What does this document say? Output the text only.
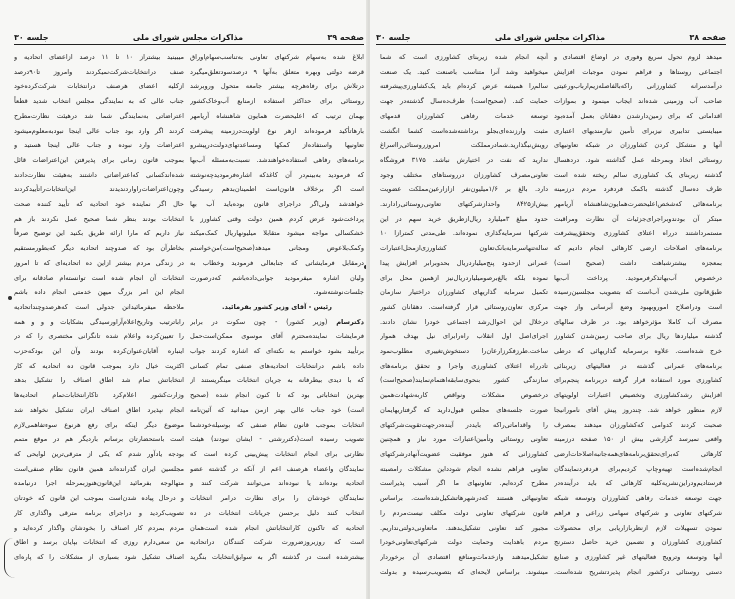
صفحه ۳۹
مذاکرات مجلس شورای ملی
جلسه ۳۰
ابلاغ شده به‌سهام شرکتهای تعاونی به‌تناسب‌سهام‌اوراق
قرضه دولتی وبهره متعلق به‌آنها ۹ درصدسودتعلق‌میگیرد
درتلاش برای رفاه‌هرچه بیشتر جامعه متحول وروبرشد
روستائی برای حداکثر استفاده ازمنابع آب‌وخاک‌کشور
بهمان ترتیب که اعلیحضرت همایون شاهنشاه آریامهر
بارهاتأکید فرموده‌اند ازهر نوع اولویت‌درزمینه پیشرفت
تعاونیها واستفاده‌از کمکها ومساعدتهای‌دولت‌درپیشرو
برنامه‌های رفاهی استفاده‌خواهندشد. نسبت‌به‌مسئله آب‌بها
که فرمودید به‌بینم‌در آن کاغذکه اشاره‌فرمودیدچه‌نوشته
است اگر برخلاف قانون‌است اطمینان‌بدهم رسیدگی
خواهدشد ولی‌اگر دراجرای قانون بوده‌باید آب بها
پرداخت‌شود عرض کردم همین دولت وقتی کشاورز با
خشکسالی مواجه میشود متقابلا میلیونهاریال کمک‌میکند
وکمک‌بلاعوض ومجانی میدهد(صحیح‌است)من‌خواستم
درمقابل فرمایشاتی که جنابعالی فرمودید وخطاب به
ولیان اشاره میفرمودید جوابی‌داده‌باشم که‌درصورت
جلسات‌نوشته‌شود.
رئیس - آقای وزیر کشور بفرمائید.
دکترسام (وزیر کشور) - چون سکوت در برابر
فرمایشات نماینده‌محترم آقای موسوی ممکن‌است‌حمل
برتأیید بشود خواستم به نکته‌ای که اشاره کردند جواب
داده باشم درانتخابات اتحادیه‌های صنفی تمام کسانی
که با دیدی بیطرفانه به جریان انتخابات مینگریستند از
بهترین انتخاباتی بود که تا کنون انجام شده (صحیح
است) خود جناب عالی بهتر ازمن میدانید که آئین‌نامه
انتخابات بموجب قانون نظام صنفی که بوسیله‌خودشما
تصویب رسیده است(دکتررشتی - ایشان نبودند) هیئت
نظارتی برای انجام انتخابات پیش‌بینی کرده است که
نمایندگان واعضاء هرصنف اعم از آنکه در گذشته عضو
اتحادیه بوده‌اند یا نبوده‌اند می‌توانند شرکت کنند و
نمایندگان خودشان را برای نظارت درامر انتخابات
انتخاب کنند دلیل برحسن جریانات انتخابات در ده
اتحادیه که تاکنون کارانتخاباتش انجام شده است‌همان
است که روزبروزضرورت شرکت کنندگان دراتحادیه
بیشترشده است در گذشته اگر به سوابق‌انتخابات بنگرید
میبینید بیشتراز ۱۰ تا ۱۱ درصد ازاعضای اتحادیه و
صنف درانتخابات‌شرکت‌نمیکردند وامروز تا۹۰درصد
ازکلیه اعضای هرصنف درانتخابات شرکت‌کرده‌خود
جناب عالی که به نمایندگی مجلس انتخاب شدید قطعاً
اعتراضاتی به‌نمایندگی شما شد درهیئت نظارت‌مطرح
کردند اگر وارد بود جناب عالی اینجا نبودبه‌معلوم‌میشود
اعتراضات وارد نبوده و جناب عالی اینجا هستید و
بموجب قانون زمانی برای پذیرفتن این‌اعتراضات قائل
شده‌اندکسانی که‌اعتراضاتی داشتند به‌هیئت نظارت‌دادند
وچون‌اعتراضات‌راواردندیدند این‌انتخابات‌راتأییدکردند
حال اگر نماینده خود اتحادیه که تأیید کننده صحت
انتخابات بودند بنظر شما صحیح عمل نکردند باز هم
نیاز داریم که مارا ارائه طریق بکنید این توضیح صرفاً
بخاطرآن بود که صدوچند اتحادیه دیگر که‌بطورمستقیم
در زندگی مردم بیشتر ازاین ده اتحادیه‌ای که تا امروز
انتخابات آن انجام شده است توانسته‌ام صادقانه برای
انجام این امر بزرگ میهن خدمتی انجام داده باشم
ملاحظه میفرمائیدانن جدولی است که‌هرصدوچنداتحادیه
راباترتیب وتاریخ‌اعلام‌آراورسیدگی بشکایات و و و همه
را تعیین‌کرده واعلام شده تانگرانی مختصری را که در
اینباره آقایان‌عنوان‌کرده بودند وآن این بودکه‌حزب
اکثریت خیال دارد بموجب قانون ده اتحادیه که کار
انتخاباتش تمام شد اطاق اصناف را تشکیل بدهد
وزارت‌کشور اعلام‌کرد تاکارانتخابات‌تمام اتحادیه‌ها
انجام نپذیرد اطاق اصناف ایران تشکیل نخواهد شد
موضوع دیگر اینکه برای رفع هرنوع سوءتفاهمی‌لازم
است باستحضارتان برسانم باردیگر هم در موقع متمم
بودجه یادآور شدم که یکی از مترقی‌ترین لوایحی که
مجلسین ایران گذرانده‌اند همین قانون نظام صنفی‌است
متهالوجه بفرمائید این‌قانون‌هنوزبمرحله اجرا درنیامده
و درحال پیاده شدن‌است بموجب این قانون که خودتان
تصویب‌کردید و دراجرای برنامه مترقی واگذاری کار
مردم بمردم کار اصناف را بخودشان واگذار کرده‌اید و
من سعی‌دارم روزی که انتخابات بپایان برسد و اطاق
اصناف تشکیل شود بسیاری از مشکلات را که پاره‌ای
صفحه ۳۸
مذاکرات مجلس شورای ملی
جلسه ۳۰
میدهد لزوم تحول سریع وفوری در اوضاع اقتصادی و
اجتماعی روستاها و فراهم نمودن موجبات افزایش
درآمدسرانه کشاورزانی راکه‌بالفاصله‌زیم‌ارباب‌ورعیتی
صاحب آب وزمینی شده‌اند ایجاب مینمود و بموازات
اقداماتی که برای زمین‌دارشدن دهقانان بعمل آمده‌بود
میبایستی تدابیری نیزبرای تأمین نیازمندیهای اعتباری
آنها و متشکل کردن کشاورزان در شبکه تعاونیهای
روستائی اتخاذ وبمرحله عمل گذاشته شود. دردهسال
گذشته زیربنای یک کشاورزی سالم ریخته شده است
ظرف ده‌سال گذشته باکمک فردفرد مردم درزمینه
برنامه‌هائی که‌شخص‌اعلیحضرت‌همایون‌شاهنشاه آریامهر
مبتکر آن بودندوبراجرای‌جزئیات آن نظارت ومراقبت
مستمرداشتند درراه اعتلای کشاورزی وتحقق‌پیشرفت
برنامه‌های اصلاحات ارضی کارهائی انجام دادیم که
بمعجزه بیشترشباهت داشت (صحیح است)
درخصوص آب‌بهاتذکرفرمودید. پرداخت آب‌بها
طبق‌قانون ملی‌شدن آب‌است که بتصویب مجلسین‌رسیده
است ودراصلاح اموروبهبود وضع آبرسانی واز جهت
مصرف آب کاملا مؤثرخواهد بود. در ظرف سالهای
گذشته میلیاردها ریال برای صاحب زمین‌شدن کشاورز
خرج شده‌است. علاوه برسرمایه گذاریهائی که درطی
برنامه‌های عمرانی گذشته در فعالیتهای زیربنائی
کشاورزی مورد استفاده قرار گرفته دربرنامه پنجم‌برای
افزایش رشدکشاورزی وتخصیص اعتبارات اولویتهای
لازم منظور خواهد شد. چندروز پیش آقای نامورانیجا
صحبت کردند کدوامی که‌کشاورزان میدهند بمصرف
واقعی نمیرسد گزارشی بیش از ۱۵۰ صفحه درزمینه
کارهائی که‌برای‌تحقق‌برنامه‌های‌همه‌جانبه‌اصلاحات‌ارضی
انجام‌شده‌است تهیه‌وچاپ کردیم‌برای فردفردنمایندگان
فرستادیم‌ودراین‌نشریه‌کلیه کارهائی که باید درآینده‌در
جهت توسعه خدمات رفاهی کشاورزان وتوسعه شبکه
شرکتهای تعاونی و شرکتهای سهامی زراعی و فراهم
نمودن تسهیلات لازم ازنظربازاریابی برای محصولات
کشاورزی کشاورزان و تضمین خرید حاصل دسترنج
آنها وتوسعه وترویج فعالیتهای غیر کشاورزی و صنایع
دستی روستائی درکشور انجام پذیرد‌تشریح شده‌است.
آنچه انجام شده زیربنای کشاورزی است که شما
میخواهید وشد آنرا متناسب باصنعت کنید. یک صنعت
سالم‌را همیشه عرض کرده‌ام باید یک‌کشاورزی‌پیشرفته
حمایت کند. (صحیح‌است) ظرف‌ده‌سال گذشته‌در جهت
توسعه خدمات رفاهی کشاورزان قدمهای
مثبت وارزنده‌ای‌بجلو برداشته‌شده‌است کشما انگشت
رویش‌نبگذارید.شمادرمملکت امروزروستائی‌رااسراغ
ندارید که نفت در اختیارش نباشد. ۳۱۷۵ فروشگاه
تعاونی‌مصرف کشاورزان درروستاهای مختلف وجود
دارد. بالغ بر ۱/۶میلیون‌نفر ازازارعین‌مملکت عضویت
بیش‌از۸۴۲۵ واحدازشرکتهای تعاونی‌روستائی‌را‌دارند.
حدود مبلغ ۳میلیارد ریال‌ازطریق خرید سهم در این
شرکتها سرمایه‌گذاری نموده‌اند. طی‌مدتی کمترازا ۱۰
ساله‌تنهاسرمایه‌بانک‌تعاون کشاورزی‌ازمحل‌اعتبارات
عمرانی ازحدود پنج‌میلیارد‌ریال بحدوبرابر افزایش پیدا
نموده بلکه بالغ‌برصومیلیاردریال‌نیز ازهمین محل برای
تکمیل سرمایه گذاریهای کشاورزان دراختیار سازمان
مرکزی تعاون‌روستائی قرار گرفته‌است. دهقانان کشور
درخلال این احوال‌رشد اجتماعی خودرا نشان دادند.
اجرای‌اصل اول انقلاب راه‌رابرای نیل بهدف هموار
ساخت.طرزفکرزارعان‌را دستخوش‌تغییری مطلوب‌نمود
تادرراه اعتلای کشاورزی واجرا و تحقق برنامه‌های
سازندگی کشور بنحوی‌سابقه‌اهتمام‌نمایند(صحیح‌است)
درخصوص مشکلات ونواقص کاربه‌شهادت‌همین
صورت جلسه‌های مجلس قبول‌دارید که گرفتاریهایمان
را واقداماتی‌راکه بایددر آینده‌درجهت‌تقویت‌شرکتهای
تعاونی روستائی وتأمین‌اعتبارات مورد نیاز و همچنین
کشاورزانی که هنوز موفقیت عضویت‌آنهادرشرکتهای
تعاونی فراهم نشده انجام شودداین مشکلات رامصبته
مطرح کرده‌ایم. تعاونیهای ما اگر آسیب پذیراست
تعاونیهائی هستند که‌درشهرهاتشکیل‌شده‌است. براساس
قانون شرکتهای تعاونی دولت مکلف نیست‌مردم را
مجبور کند تعاونی تشکیل‌بدهند. ماتعاونی‌دولتی‌نداریم.
مردم باهدایت وحمایت دولت شرکتهای‌تعاونی‌خودرا
تشکیل‌میدهند وازخدمات‌ومنافع اقتصادی آن برخوردار
میشوند. براساس لایحه‌ای که بتصویب‌رسیده و بدولت
